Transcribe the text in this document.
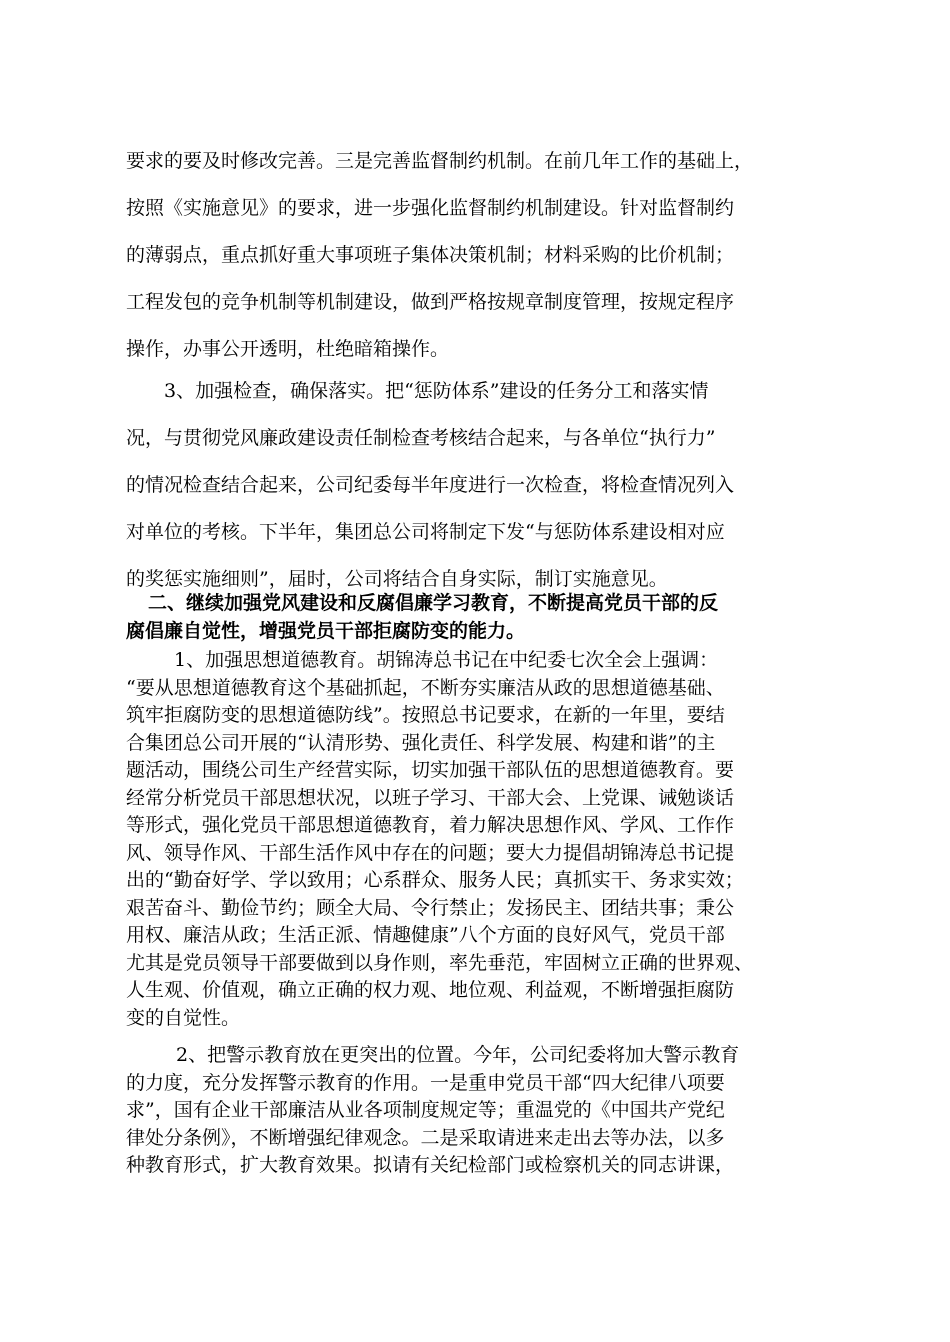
要求的要及时修改完善。三是完善监督制约机制。在前几年工作的基础上，
按照《实施意见》的要求，进一步强化监督制约机制建设。针对监督制约
的薄弱点，重点抓好重大事项班子集体决策机制；材料采购的比价机制；
工程发包的竞争机制等机制建设，做到严格按规章制度管理，按规定程序
操作，办事公开透明，杜绝暗箱操作。
3、加强检查，确保落实。把“惩防体系”建设的任务分工和落实情
况，与贯彻党风廉政建设责任制检查考核结合起来，与各单位“执行力”
的情况检查结合起来，公司纪委每半年度进行一次检查，将检查情况列入
对单位的考核。下半年，集团总公司将制定下发“与惩防体系建设相对应
的奖惩实施细则”，届时，公司将结合自身实际，制订实施意见。
二、继续加强党风建设和反腐倡廉学习教育，不断提高党员干部的反
腐倡廉自觉性，增强党员干部拒腐防变的能力。
1、加强思想道德教育。胡锦涛总书记在中纪委七次全会上强调：
“要从思想道德教育这个基础抓起，不断夯实廉洁从政的思想道德基础、
筑牢拒腐防变的思想道德防线”。按照总书记要求，在新的一年里，要结
合集团总公司开展的“认清形势、强化责任、科学发展、构建和谐”的主
题活动，围绕公司生产经营实际，切实加强干部队伍的思想道德教育。要
经常分析党员干部思想状况，以班子学习、干部大会、上党课、诫勉谈话
等形式，强化党员干部思想道德教育，着力解决思想作风、学风、工作作
风、领导作风、干部生活作风中存在的问题；要大力提倡胡锦涛总书记提
出的“勤奋好学、学以致用；心系群众、服务人民；真抓实干、务求实效；
艰苦奋斗、勤俭节约；顾全大局、令行禁止；发扬民主、团结共事；秉公
用权、廉洁从政；生活正派、情趣健康”八个方面的良好风气，党员干部
尤其是党员领导干部要做到以身作则，率先垂范，牢固树立正确的世界观、
人生观、价值观，确立正确的权力观、地位观、利益观，不断增强拒腐防
变的自觉性。
2、把警示教育放在更突出的位置。今年，公司纪委将加大警示教育
的力度，充分发挥警示教育的作用。一是重申党员干部“四大纪律八项要
求”，国有企业干部廉洁从业各项制度规定等；重温党的《中国共产党纪
律处分条例》，不断增强纪律观念。二是采取请进来走出去等办法，以多
种教育形式，扩大教育效果。拟请有关纪检部门或检察机关的同志讲课，
